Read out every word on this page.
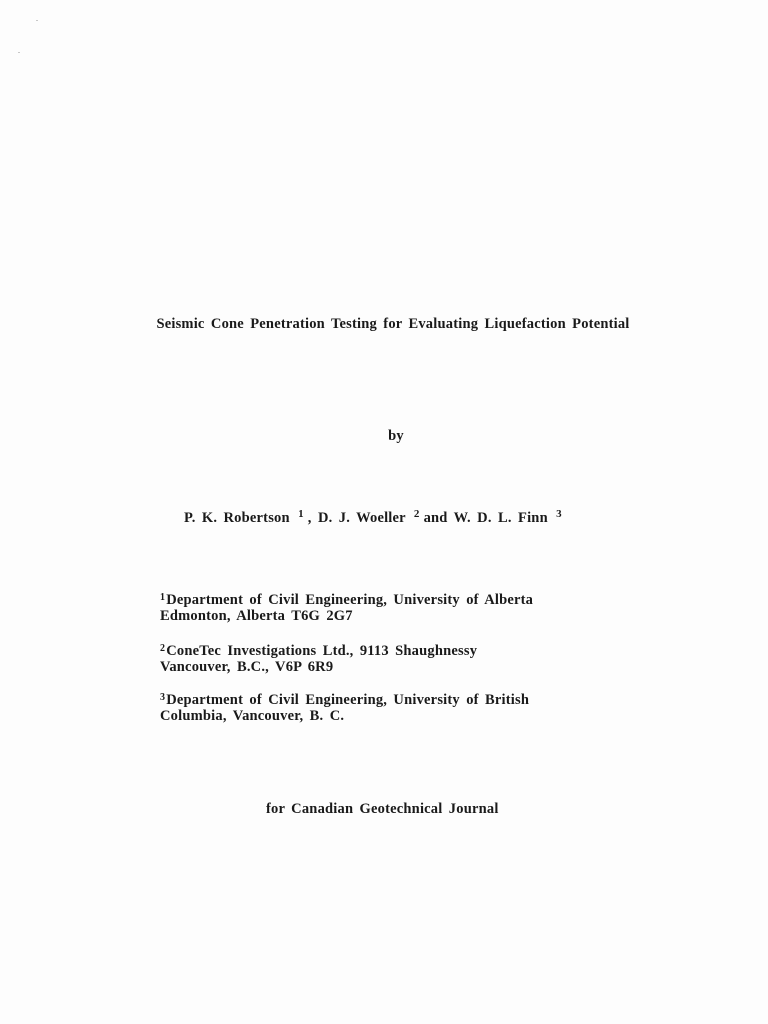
Seismic Cone Penetration Testing for Evaluating Liquefaction Potential
by
P. K. Robertson $^1$ , D. J. Woeller $^2$ and W. D. L. Finn $^3$
$^1$Department of Civil Engineering, University of Alberta
Edmonton, Alberta T6G 2G7
$^2$ConeTec Investigations Ltd., 9113 Shaughnessy
Vancouver, B.C., V6P 6R9
$^3$Department of Civil Engineering, University of British
Columbia, Vancouver, B. C.
for Canadian Geotechnical Journal
